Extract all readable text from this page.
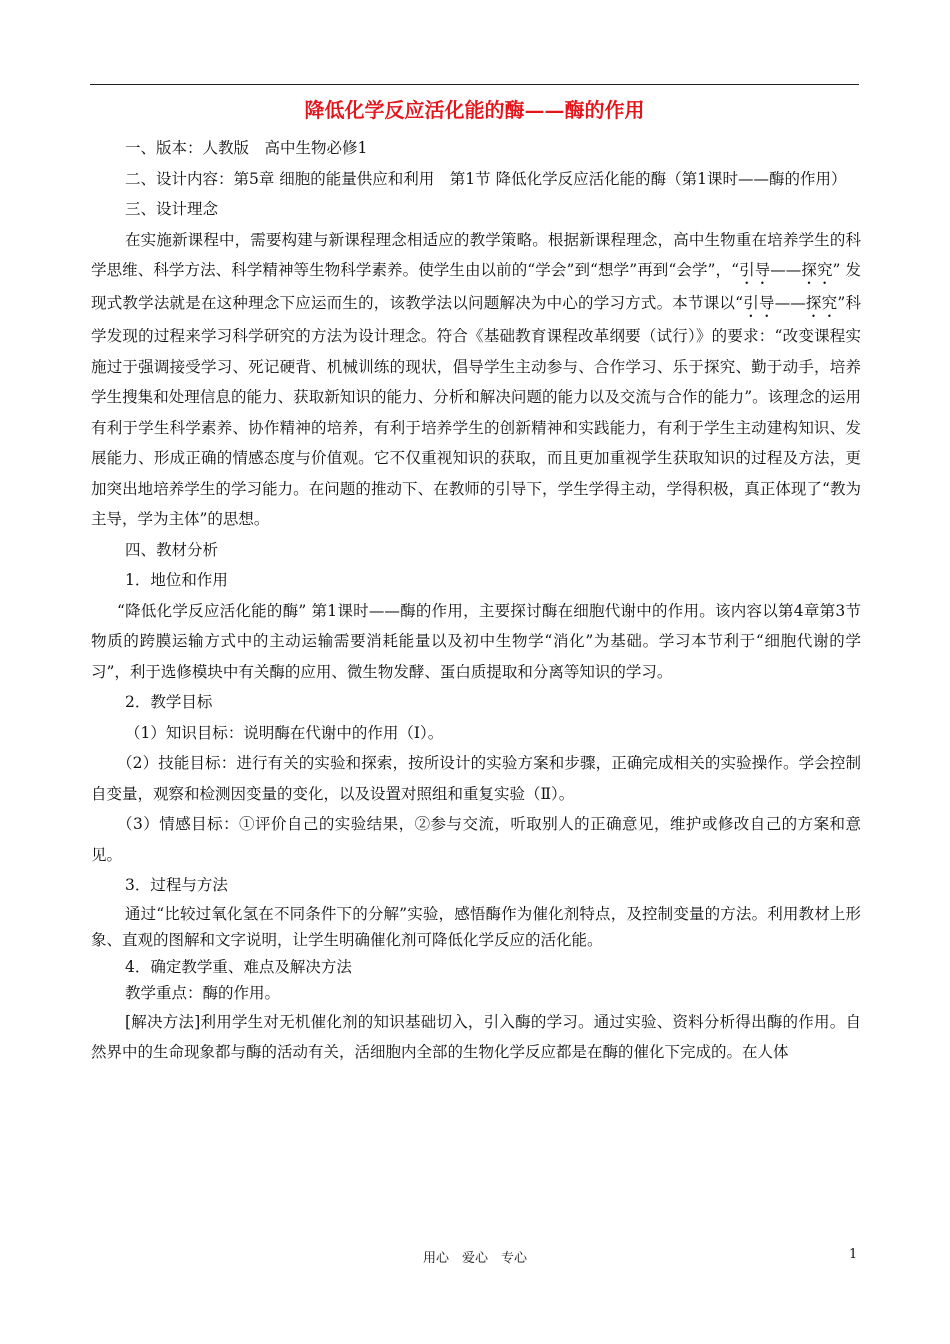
降低化学反应活化能的酶——酶的作用

一、版本：人教版　高中生物必修1

二、设计内容：第5章 细胞的能量供应和利用　第1节 降低化学反应活化能的酶（第1课时——酶的作用）

三、设计理念

在实施新课程中，需要构建与新课程理念相适应的教学策略。根据新课程理念，高中生物重在培养学生的科学思维、科学方法、科学精神等生物科学素养。使学生由以前的“学会”到“想学”再到“会学”，“引导——探究” 发现式教学法就是在这种理念下应运而生的，该教学法以问题解决为中心的学习方式。本节课以“引导——探究”科学发现的过程来学习科学研究的方法为设计理念。符合《基础教育课程改革纲要（试行）》的要求：“改变课程实施过于强调接受学习、死记硬背、机械训练的现状，倡导学生主动参与、合作学习、乐于探究、勤于动手，培养学生搜集和处理信息的能力、获取新知识的能力、分析和解决问题的能力以及交流与合作的能力”。该理念的运用有利于学生科学素养、协作精神的培养，有利于培养学生的创新精神和实践能力，有利于学生主动建构知识、发展能力、形成正确的情感态度与价值观。它不仅重视知识的获取，而且更加重视学生获取知识的过程及方法，更加突出地培养学生的学习能力。在问题的推动下、在教师的引导下，学生学得主动，学得积极，真正体现了“教为主导，学为主体”的思想。

四、教材分析

1．地位和作用

“降低化学反应活化能的酶” 第1课时——酶的作用，主要探讨酶在细胞代谢中的作用。该内容以第4章第3节物质的跨膜运输方式中的主动运输需要消耗能量以及初中生物学“消化”为基础。学习本节利于“细胞代谢的学习”，利于选修模块中有关酶的应用、微生物发酵、蛋白质提取和分离等知识的学习。

2．教学目标

（1）知识目标：说明酶在代谢中的作用（Ⅰ）。

（2）技能目标：进行有关的实验和探索，按所设计的实验方案和步骤，正确完成相关的实验操作。学会控制自变量，观察和检测因变量的变化，以及设置对照组和重复实验（Ⅱ）。

（3）情感目标：①评价自己的实验结果，②参与交流，听取别人的正确意见，维护或修改自己的方案和意见。

3．过程与方法

通过“比较过氧化氢在不同条件下的分解”实验，感悟酶作为催化剂特点，及控制变量的方法。利用教材上形象、直观的图解和文字说明，让学生明确催化剂可降低化学反应的活化能。

4．确定教学重、难点及解决方法

教学重点：酶的作用。

[解决方法]利用学生对无机催化剂的知识基础切入，引入酶的学习。通过实验、资料分析得出酶的作用。自然界中的生命现象都与酶的活动有关，活细胞内全部的生物化学反应都是在酶的催化下完成的。在人体

用心　爱心　专心	1
